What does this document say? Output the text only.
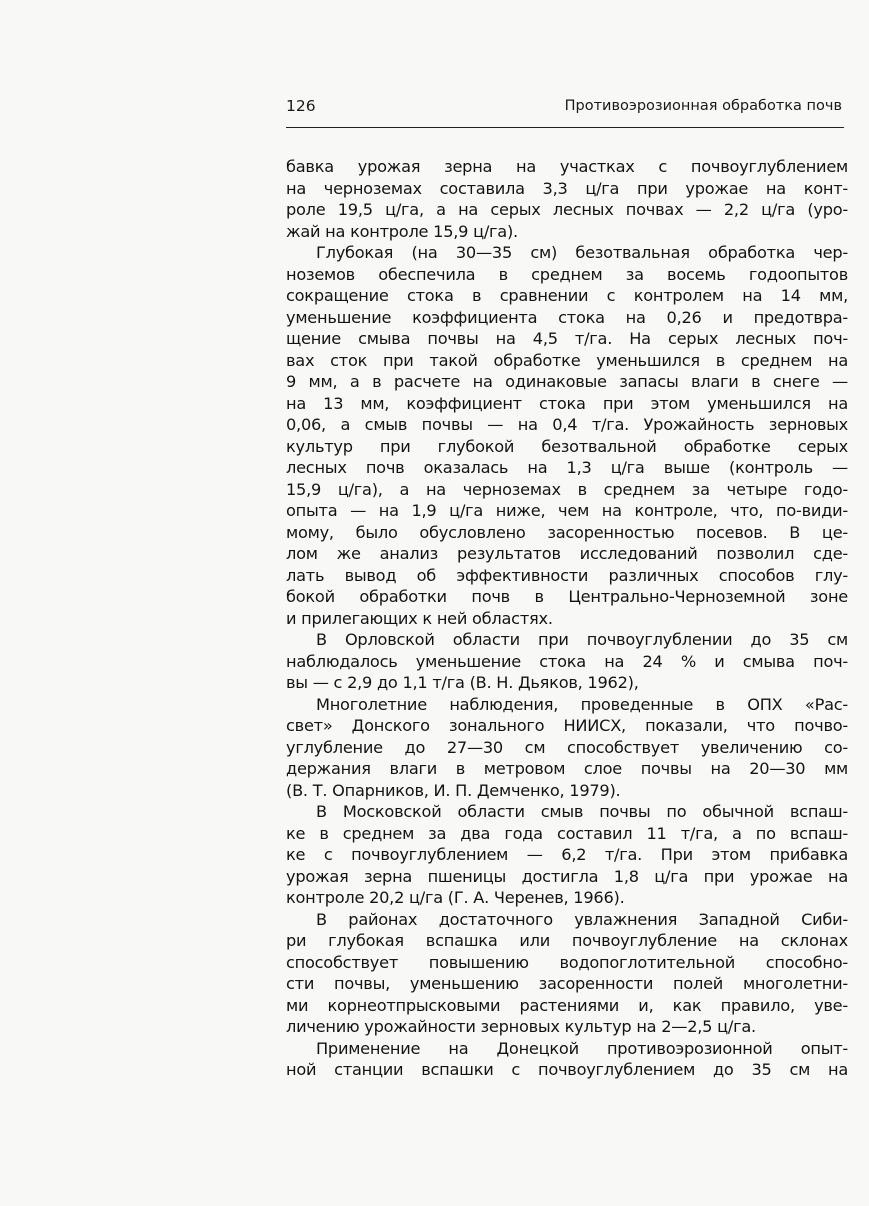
126	Противоэрозионная обработка почв
бавка урожая зерна на участках с почвоуглублением
на черноземах составила 3,3 ц/га при урожае на конт-
роле 19,5 ц/га, а на серых лесных почвах — 2,2 ц/га (уро-
жай на контроле 15,9 ц/га).
Глубокая (на 30—35 см) безотвальная обработка чер-
ноземов обеспечила в среднем за восемь годоопытов
сокращение стока в сравнении с контролем на 14 мм,
уменьшение коэффициента стока на 0,26 и предотвра-
щение смыва почвы на 4,5 т/га. На серых лесных поч-
вах сток при такой обработке уменьшился в среднем на
9 мм, а в расчете на одинаковые запасы влаги в снеге —
на 13 мм, коэффициент стока при этом уменьшился на
0,06, а смыв почвы — на 0,4 т/га. Урожайность зерновых
культур при глубокой безотвальной обработке серых
лесных почв оказалась на 1,3 ц/га выше (контроль —
15,9 ц/га), а на черноземах в среднем за четыре годо-
опыта — на 1,9 ц/га ниже, чем на контроле, что, по-види-
мому, было обусловлено засоренностью посевов. В це-
лом же анализ результатов исследований позволил сде-
лать вывод об эффективности различных способов глу-
бокой обработки почв в Центрально-Черноземной зоне
и прилегающих к ней областях.
В Орловской области при почвоуглублении до 35 см
наблюдалось уменьшение стока на 24 % и смыва поч-
вы — с 2,9 до 1,1 т/га (В. Н. Дьяков, 1962),
Многолетние наблюдения, проведенные в ОПХ «Рас-
свет» Донского зонального НИИСХ, показали, что почво-
углубление до 27—30 см способствует увеличению со-
держания влаги в метровом слое почвы на 20—30 мм
(В. Т. Опарников, И. П. Демченко, 1979).
В Московской области смыв почвы по обычной вспаш-
ке в среднем за два года составил 11 т/га, а по вспаш-
ке с почвоуглублением — 6,2 т/га. При этом прибавка
урожая зерна пшеницы достигла 1,8 ц/га при урожае на
контроле 20,2 ц/га (Г. А. Черенев, 1966).
В районах достаточного увлажнения Западной Сиби-
ри глубокая вспашка или почвоуглубление на склонах
способствует повышению водопоглотительной способно-
сти почвы, уменьшению засоренности полей многолетни-
ми корнеотпрысковыми растениями и, как правило, уве-
личению урожайности зерновых культур на 2—2,5 ц/га.
Применение на Донецкой противоэрозионной опыт-
ной станции вспашки с почвоуглублением до 35 см на
